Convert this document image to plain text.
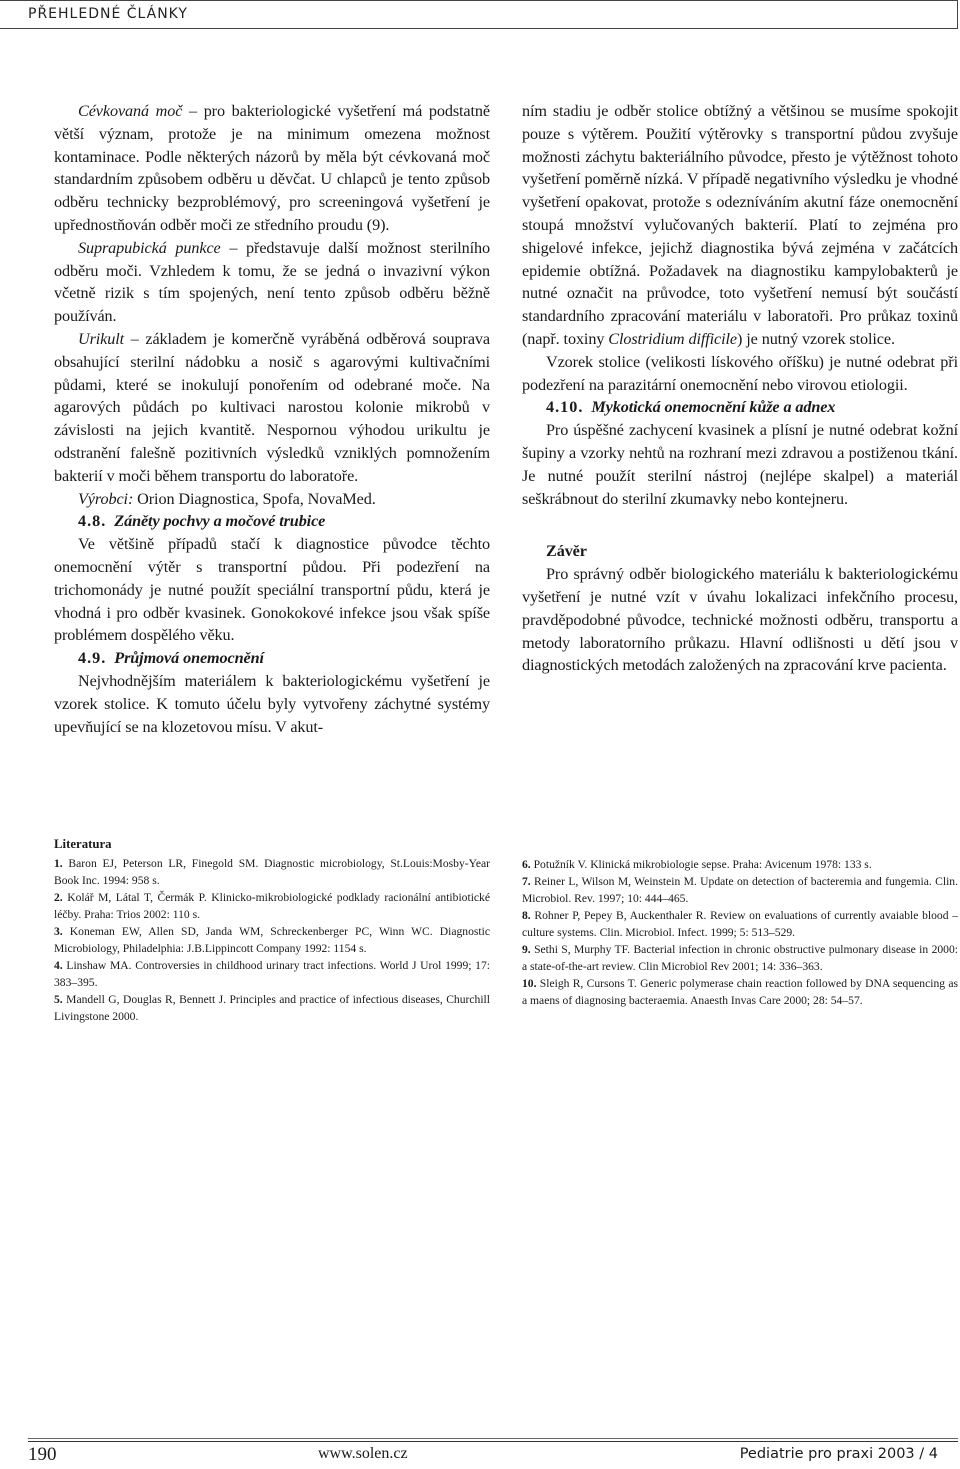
PŘEHLEDNÉ ČLÁNKY

Cévkovaná moč – pro bakteriologické vyšetření má podstatně větší význam, protože je na minimum omezena možnost kontaminace. Podle některých názorů by měla být cévkovaná moč standardním způsobem odběru u děvčat. U chlapců je tento způsob odběru technicky bezproblémový, pro screeningová vyšetření je upřednostňován odběr moči ze středního proudu (9).

Suprapubická punkce – představuje další možnost sterilního odběru moči. Vzhledem k tomu, že se jedná o invazivní výkon včetně rizik s tím spojených, není tento způsob odběru běžně používán.

Urikult – základem je komerčně vyráběná odběrová souprava obsahující sterilní nádobku a nosič s agarovými kultivačními půdami, které se inokulují ponořením od odebrané moče. Na agarových půdách po kultivaci narostou kolonie mikrobů v závislosti na jejich kvantitě. Nespornou výhodou urikultu je odstranění falešně pozitivních výsledků vzniklých pomnožením bakterií v moči během transportu do laboratoře.

Výrobci: Orion Diagnostica, Spofa, NovaMed.

4.8. Záněty pochvy a močové trubice

Ve většině případů stačí k diagnostice původce těchto onemocnění výtěr s transportní půdou. Při podezření na trichomonády je nutné použít speciální transportní půdu, která je vhodná i pro odběr kvasinek. Gonokokové infekce jsou však spíše problémem dospělého věku.

4.9. Průjmová onemocnění

Nejvhodnějším materiálem k bakteriologickému vyšetření je vzorek stolice. K tomuto účelu byly vytvořeny záchytné systémy upevňující se na klozetovou mísu. V akut-

ním stadiu je odběr stolice obtížný a většinou se musíme spokojit pouze s výtěrem. Použití výtěrovky s transportní půdou zvyšuje možnosti záchytu bakteriálního původce, přesto je výtěžnost tohoto vyšetření poměrně nízká. V případě negativního výsledku je vhodné vyšetření opakovat, protože s odezníváním akutní fáze onemocnění stoupá množství vylučovaných bakterií. Platí to zejména pro shigelové infekce, jejichž diagnostika bývá zejména v začátcích epidemie obtížná. Požadavek na diagnostiku kampylobakterů je nutné označit na průvodce, toto vyšetření nemusí být součástí standardního zpracování materiálu v laboratoři. Pro průkaz toxinů (např. toxiny Clostridium difficile) je nutný vzorek stolice.

Vzorek stolice (velikosti lískového oříšku) je nutné odebrat při podezření na parazitární onemocnění nebo virovou etiologii.

4.10. Mykotická onemocnění kůže a adnex

Pro úspěšné zachycení kvasinek a plísní je nutné odebrat kožní šupiny a vzorky nehtů na rozhraní mezi zdravou a postiženou tkání. Je nutné použít sterilní nástroj (nejlépe skalpel) a materiál seškrábnout do sterilní zkumavky nebo kontejneru.

Závěr

Pro správný odběr biologického materiálu k bakteriologickému vyšetření je nutné vzít v úvahu lokalizaci infekčního procesu, pravděpodobné původce, technické možnosti odběru, transportu a metody laboratorního průkazu. Hlavní odlišnosti u dětí jsou v diagnostických metodách založených na zpracování krve pacienta.

Literatura

1. Baron EJ, Peterson LR, Finegold SM. Diagnostic microbiology, St.Louis:Mosby-Year Book Inc. 1994: 958 s.

2. Kolář M, Látal T, Čermák P. Klinicko-mikrobiologické podklady racionální antibiotické léčby. Praha: Trios 2002: 110 s.

3. Koneman EW, Allen SD, Janda WM, Schreckenberger PC, Winn WC. Diagnostic Microbiology, Philadelphia: J.B.Lippincott Company 1992: 1154 s.

4. Linshaw MA. Controversies in childhood urinary tract infections. World J Urol 1999; 17: 383–395.

5. Mandell G, Douglas R, Bennett J. Principles and practice of infectious diseases, Churchill Livingstone 2000.

6. Potužník V. Klinická mikrobiologie sepse. Praha: Avicenum 1978: 133 s.

7. Reiner L, Wilson M, Weinstein M. Update on detection of bacteremia and fungemia. Clin. Microbiol. Rev. 1997; 10: 444–465.

8. Rohner P, Pepey B, Auckenthaler R. Review on evaluations of currently avaiable blood – culture systems. Clin. Microbiol. Infect. 1999; 5: 513–529.

9. Sethi S, Murphy TF. Bacterial infection in chronic obstructive pulmonary disease in 2000: a state-of-the-art review. Clin Microbiol Rev 2001; 14: 336–363.

10. Sleigh R, Cursons T. Generic polymerase chain reaction followed by DNA sequencing as a maens of diagnosing bacteraemia. Anaesth Invas Care 2000; 28: 54–57.

190	www.solen.cz	Pediatrie pro praxi 2003 / 4
